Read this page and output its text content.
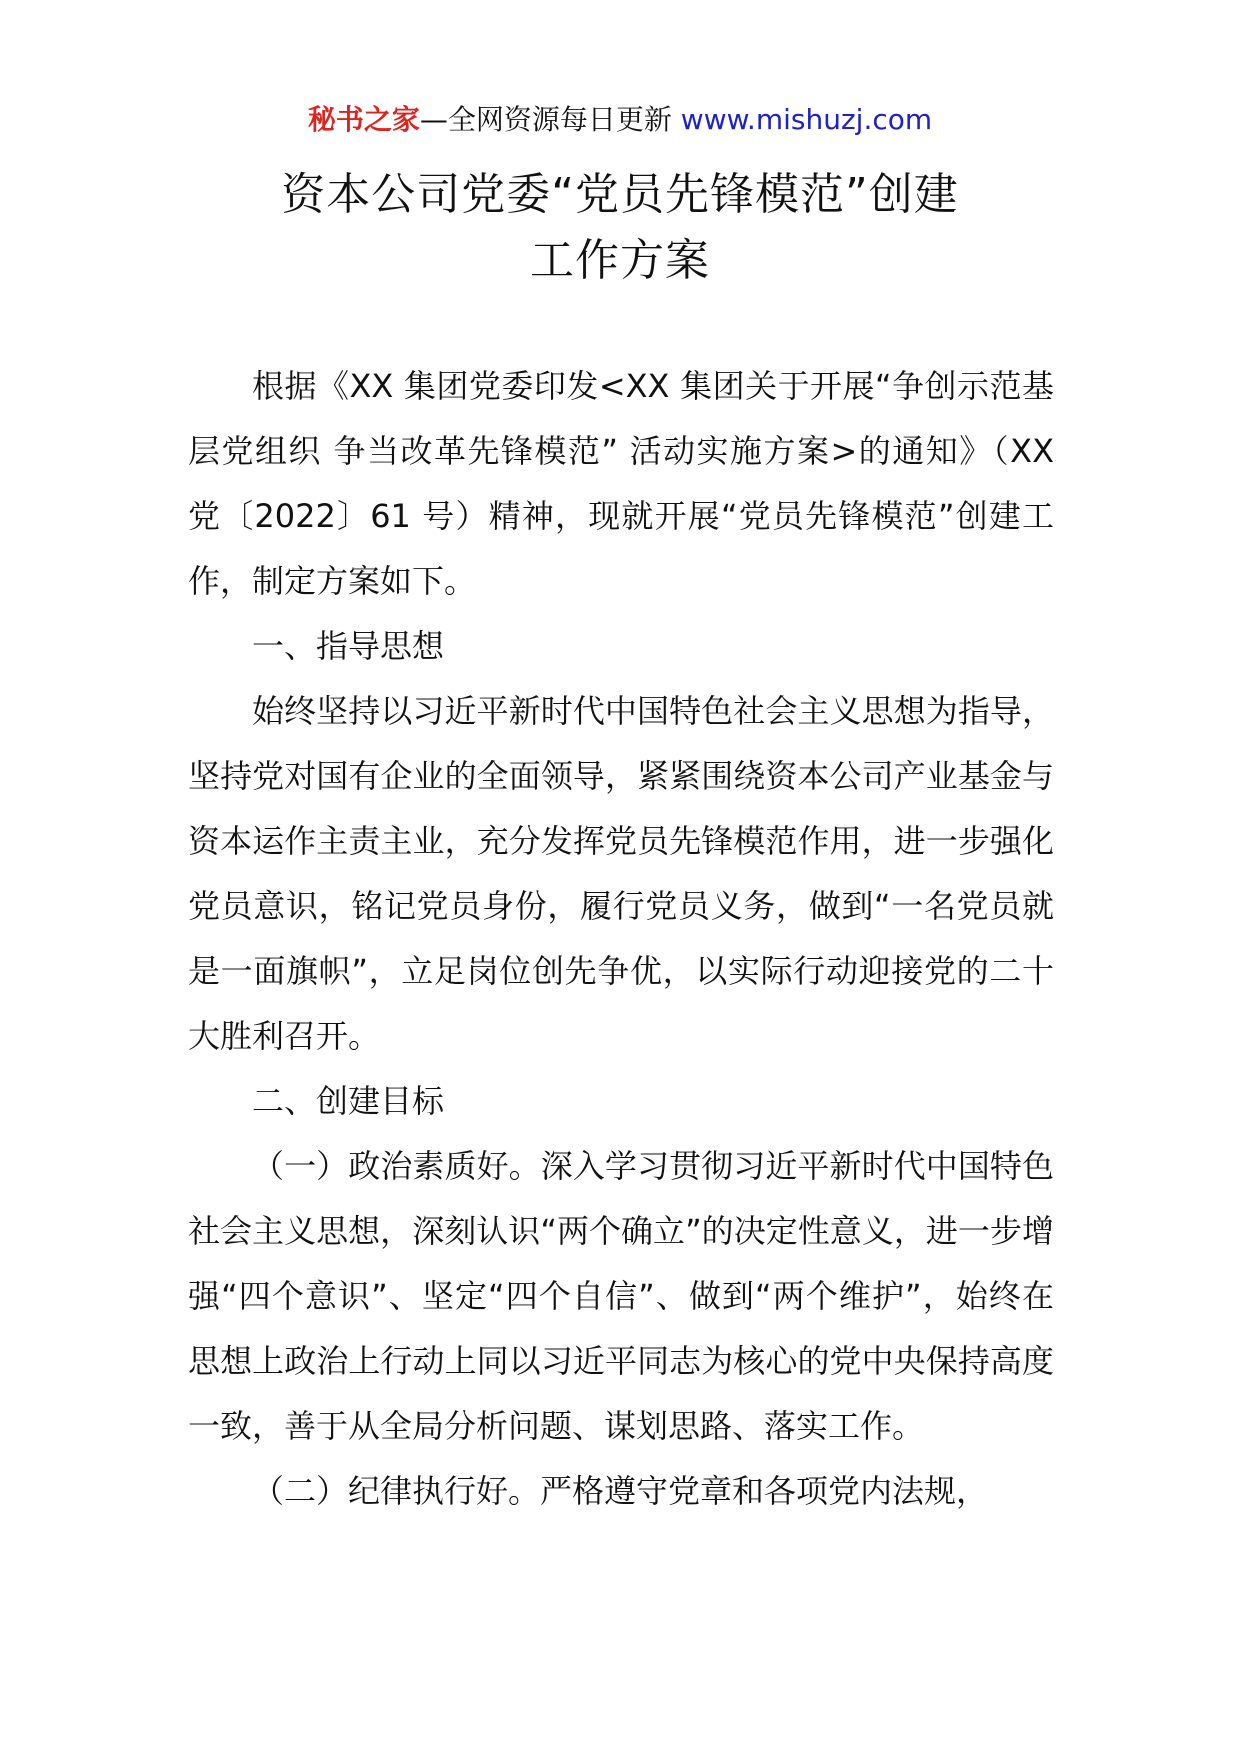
秘书之家—全网资源每日更新 www.mishuzj.com
资本公司党委“党员先锋模范”创建
工作方案

根据《XX 集团党委印发<XX 集团关于开展“争创示范基层党组织 争当改革先锋模范” 活动实施方案>的通知》（XX 党〔2022〕61 号）精神，现就开展“党员先锋模范”创建工作，制定方案如下。

一、指导思想

始终坚持以习近平新时代中国特色社会主义思想为指导，坚持党对国有企业的全面领导，紧紧围绕资本公司产业基金与资本运作主责主业，充分发挥党员先锋模范作用，进一步强化党员意识，铭记党员身份，履行党员义务，做到“一名党员就是一面旗帜”，立足岗位创先争优，以实际行动迎接党的二十大胜利召开。

二、创建目标

（一）政治素质好。深入学习贯彻习近平新时代中国特色社会主义思想，深刻认识“两个确立”的决定性意义，进一步增强“四个意识”、坚定“四个自信”、做到“两个维护”，始终在思想上政治上行动上同以习近平同志为核心的党中央保持高度一致，善于从全局分析问题、谋划思路、落实工作。

（二）纪律执行好。严格遵守党章和各项党内法规，
